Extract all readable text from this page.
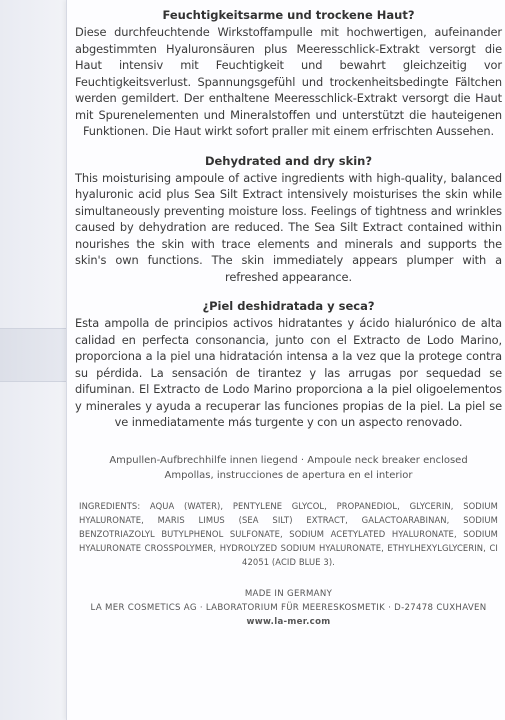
Feuchtigkeitsarme und trockene Haut?
Diese durchfeuchtende Wirkstoffampulle mit hochwertigen, aufeinander abgestimmten Hyaluronsäuren plus Meeresschlick-Extrakt versorgt die Haut intensiv mit Feuchtigkeit und bewahrt gleichzeitig vor Feuchtigkeitsverlust. Spannungsgefühl und trockenheitsbedingte Fältchen werden gemildert. Der enthaltene Meeresschlick-Extrakt versorgt die Haut mit Spurenelementen und Mineralstoffen und unterstützt die hauteigenen Funktionen. Die Haut wirkt sofort praller mit einem erfrischten Aussehen.
Dehydrated and dry skin?
This moisturising ampoule of active ingredients with high-quality, balanced hyaluronic acid plus Sea Silt Extract intensively moisturises the skin while simultaneously preventing moisture loss. Feelings of tightness and wrinkles caused by dehydration are reduced. The Sea Silt Extract contained within nourishes the skin with trace elements and minerals and supports the skin's own functions. The skin immediately appears plumper with a refreshed appearance.
¿Piel deshidratada y seca?
Esta ampolla de principios activos hidratantes y ácido hialurónico de alta calidad en perfecta consonancia, junto con el Extracto de Lodo Marino, proporciona a la piel una hidratación intensa a la vez que la protege contra su pérdida. La sensación de tirantez y las arrugas por sequedad se difuminan. El Extracto de Lodo Marino proporciona a la piel oligoelementos y minerales y ayuda a recuperar las funciones propias de la piel. La piel se ve inmediatamente más turgente y con un aspecto renovado.
Ampullen-Aufbrechhilfe innen liegend · Ampoule neck breaker enclosed
Ampollas, instrucciones de apertura en el interior
INGREDIENTS: AQUA (WATER), PENTYLENE GLYCOL, PROPANEDIOL, GLYCERIN, SODIUM HYALURONATE, MARIS LIMUS (SEA SILT) EXTRACT, GALACTOARABINAN, SODIUM BENZOTRIAZOLYL BUTYLPHENOL SULFONATE, SODIUM ACETYLATED HYALURONATE, SODIUM HYALURONATE CROSSPOLYMER, HYDROLYZED SODIUM HYALURONATE, ETHYLHEXYLGLYCERIN, CI 42051 (ACID BLUE 3).
MADE IN GERMANY
LA MER COSMETICS AG · LABORATORIUM FÜR MEERESKOSMETIK · D-27478 CUXHAVEN
www.la-mer.com
